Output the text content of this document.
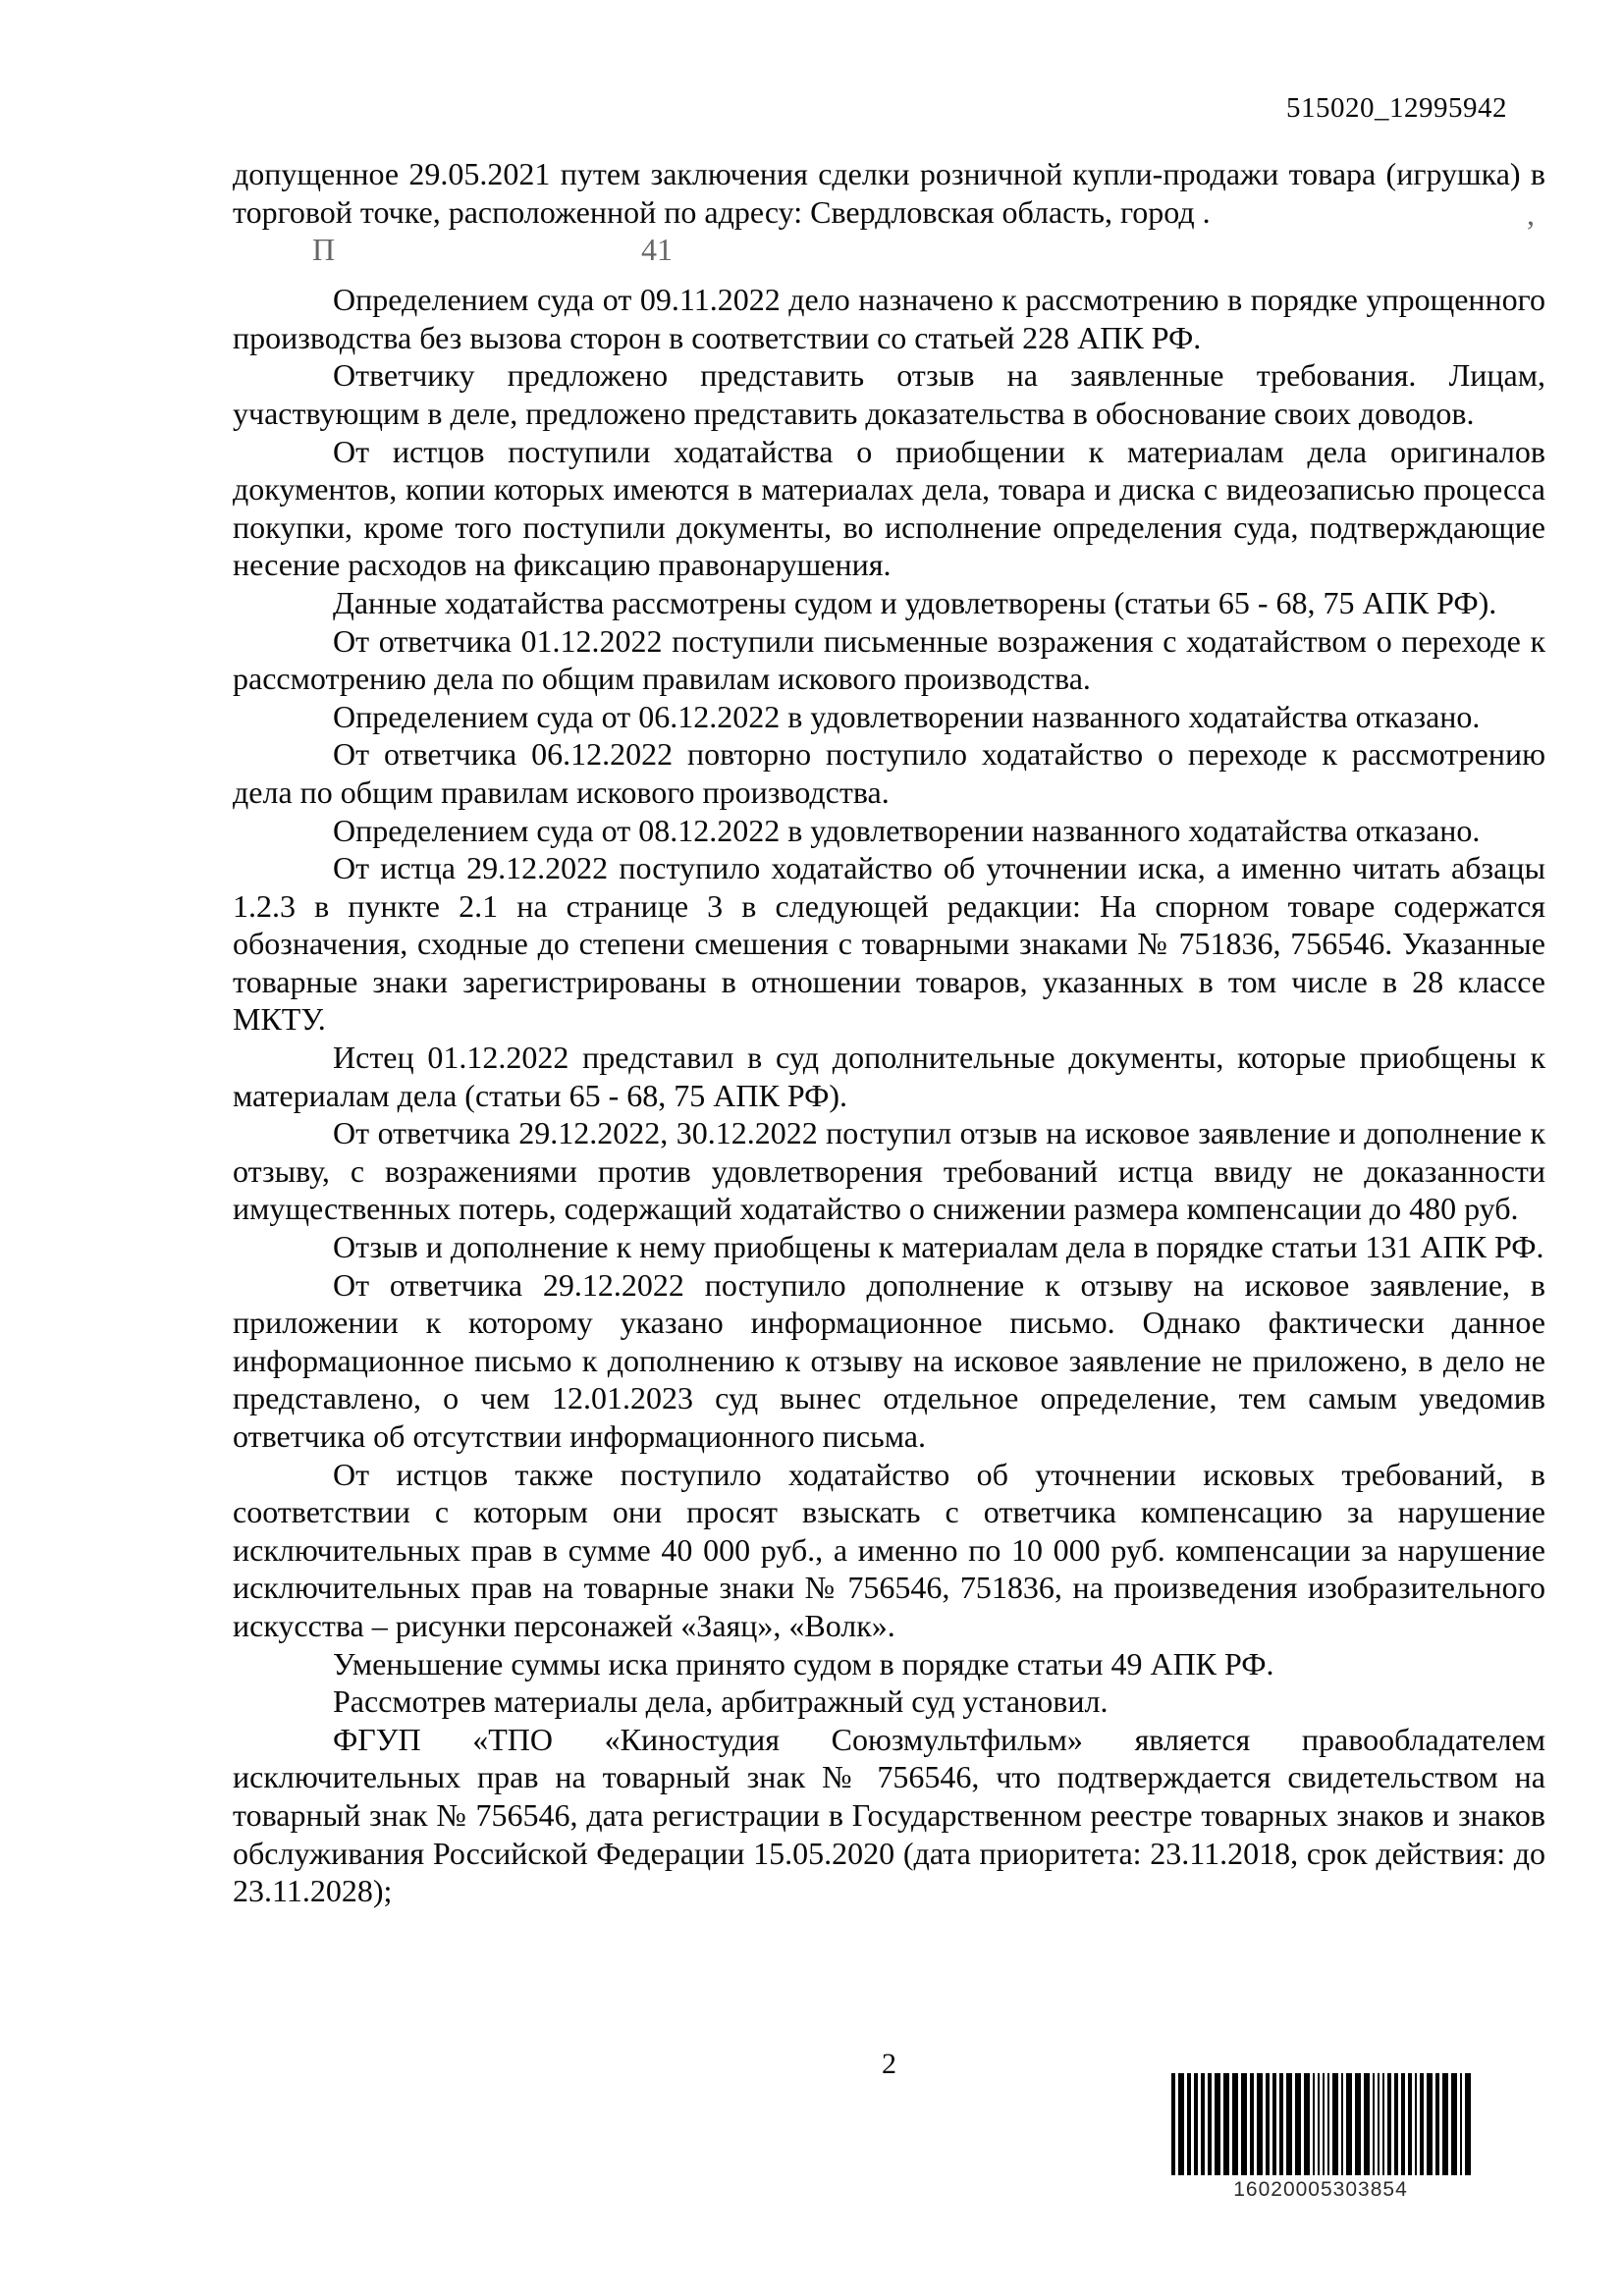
515020_12995942

допущенное 29.05.2021 путем заключения сделки розничной купли-продажи товара (игрушка) в торговой точке, расположенной по адресу: Свердловская область, город .	,
П	41

Определением суда от 09.11.2022 дело назначено к рассмотрению в порядке упрощенного производства без вызова сторон в соответствии со статьей 228 АПК РФ.

Ответчику предложено представить отзыв на заявленные требования. Лицам, участвующим в деле, предложено представить доказательства в обоснование своих доводов.

От истцов поступили ходатайства о приобщении к материалам дела оригиналов документов, копии которых имеются в материалах дела, товара и диска с видеозаписью процесса покупки, кроме того поступили документы, во исполнение определения суда, подтверждающие несение расходов на фиксацию правонарушения.

Данные ходатайства рассмотрены судом и удовлетворены (статьи 65 - 68, 75 АПК РФ).

От ответчика 01.12.2022 поступили письменные возражения с ходатайством о переходе к рассмотрению дела по общим правилам искового производства.

Определением суда от 06.12.2022 в удовлетворении названного ходатайства отказано.

От ответчика 06.12.2022 повторно поступило ходатайство о переходе к рассмотрению дела по общим правилам искового производства.

Определением суда от 08.12.2022 в удовлетворении названного ходатайства отказано.

От истца 29.12.2022 поступило ходатайство об уточнении иска, а именно читать абзацы 1.2.3 в пункте 2.1 на странице 3 в следующей редакции: На спорном товаре содержатся обозначения, сходные до степени смешения с товарными знаками № 751836, 756546. Указанные товарные знаки зарегистрированы в отношении товаров, указанных в том числе в 28 классе МКТУ.

Истец 01.12.2022 представил в суд дополнительные документы, которые приобщены к материалам дела (статьи 65 - 68, 75 АПК РФ).

От ответчика 29.12.2022, 30.12.2022 поступил отзыв на исковое заявление и дополнение к отзыву, с возражениями против удовлетворения требований истца ввиду не доказанности имущественных потерь, содержащий ходатайство о снижении размера компенсации до 480 руб.

Отзыв и дополнение к нему приобщены к материалам дела в порядке статьи 131 АПК РФ.

От ответчика 29.12.2022 поступило дополнение к отзыву на исковое заявление, в приложении к которому указано информационное письмо. Однако фактически данное информационное письмо к дополнению к отзыву на исковое заявление не приложено, в дело не представлено, о чем 12.01.2023 суд вынес отдельное определение, тем самым уведомив ответчика об отсутствии информационного письма.

От истцов также поступило ходатайство об уточнении исковых требований, в соответствии с которым они просят взыскать с ответчика компенсацию за нарушение исключительных прав в сумме 40 000 руб., а именно по 10 000 руб. компенсации за нарушение исключительных прав на товарные знаки № 756546, 751836, на произведения изобразительного искусства – рисунки персонажей «Заяц», «Волк».

Уменьшение суммы иска принято судом в порядке статьи 49 АПК РФ.

Рассмотрев материалы дела, арбитражный суд установил.

ФГУП «ТПО «Киностудия Союзмультфильм» является правообладателем исключительных прав на товарный знак № 756546, что подтверждается свидетельством на товарный знак № 756546, дата регистрации в Государственном реестре товарных знаков и знаков обслуживания Российской Федерации 15.05.2020 (дата приоритета: 23.11.2018, срок действия: до 23.11.2028);

2
16020005303854
